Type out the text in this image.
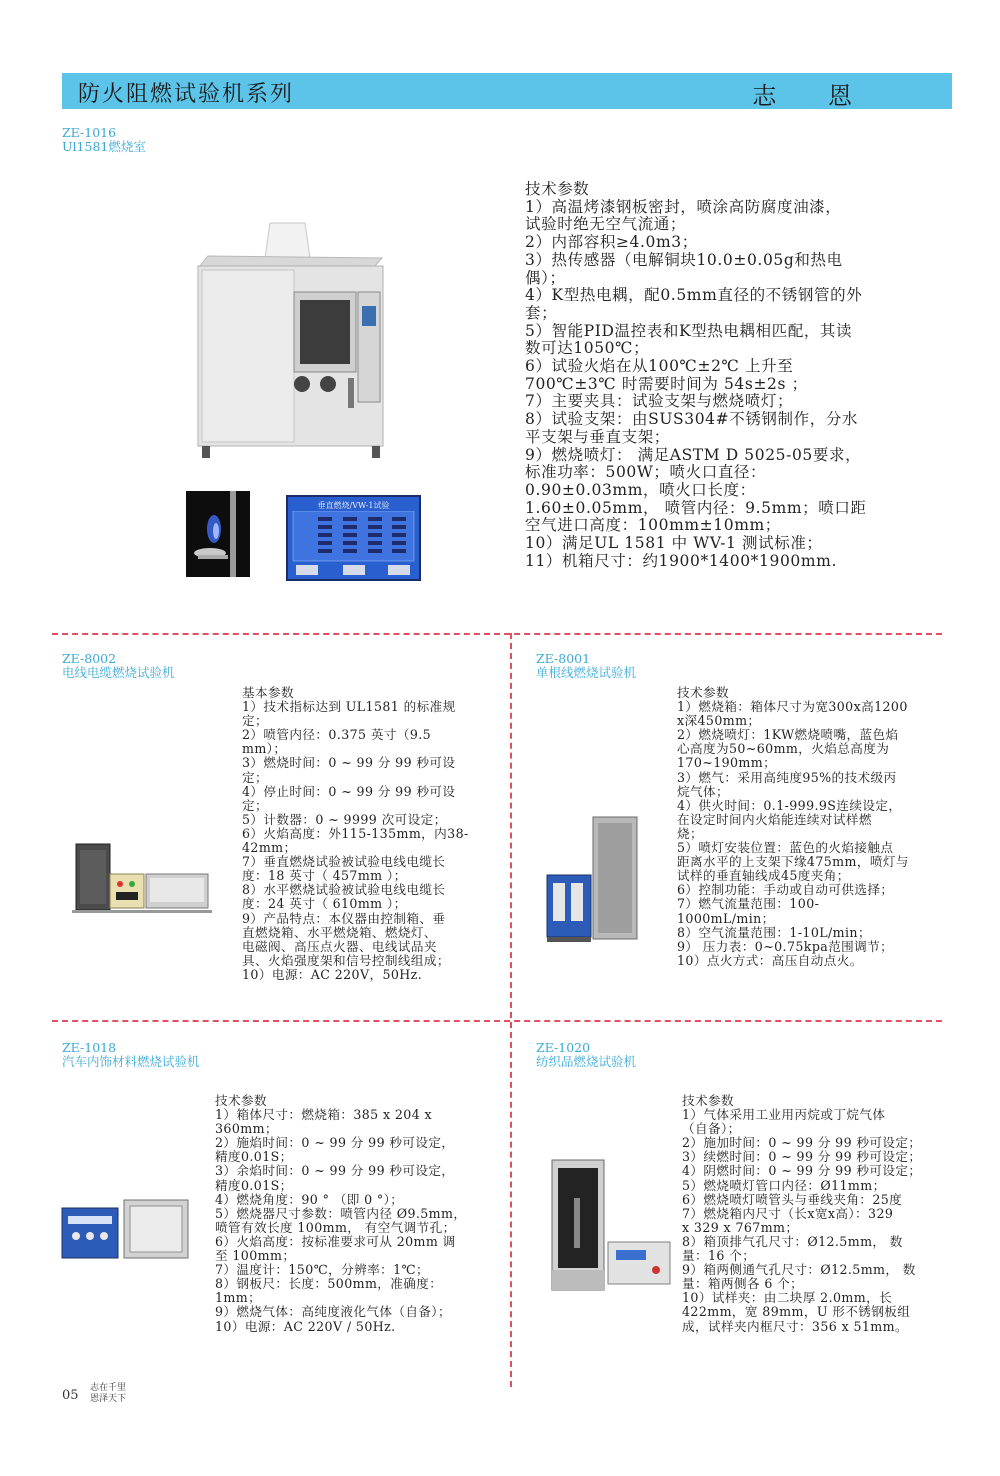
防火阻燃试验机系列	志 恩
ZE-1016
Ul1581燃烧室
垂直燃烧/VW-1试验
技术参数
1）高温烤漆钢板密封，喷涂高防腐度油漆，
试验时绝无空气流通；
2）内部容积≥4.0m3；
3）热传感器（电解铜块10.0±0.05g和热电
偶）；
4）K型热电耦，配0.5mm直径的不锈钢管的外
套；
5）智能PID温控表和K型热电耦相匹配，其读
数可达1050℃；
6）试验火焰在从100℃±2℃ 上升至
700℃±3℃ 时需要时间为 54s±2s ；
7）主要夹具：试验支架与燃烧喷灯；
8）试验支架：由SUS304#不锈钢制作，分水
平支架与垂直支架；
9）燃烧喷灯： 满足ASTM D 5025-05要求，
标准功率：500W；喷火口直径：
0.90±0.03mm，喷火口长度：
1.60±0.05mm， 喷管内径：9.5mm；喷口距
空气进口高度：100mm±10mm；
10）满足UL 1581 中 WV-1 测试标准；
11）机箱尺寸：约1900*1400*1900mm.
ZE-8002
电线电缆燃烧试验机
基本参数
1）技术指标达到 UL1581 的标准规
定；
2）喷管内径：0.375 英寸（9.5
mm）；
3）燃烧时间：0 ~ 99 分 99 秒可设
定；
4）停止时间：0 ~ 99 分 99 秒可设
定；
5）计数器：0 ~ 9999 次可设定；
6）火焰高度：外115-135mm，内38-
42mm；
7）垂直燃烧试验被试验电线电缆长
度：18 英寸（ 457mm ）；
8）水平燃烧试验被试验电线电缆长
度：24 英寸（ 610mm ）；
9）产品特点：本仪器由控制箱、垂
直燃烧箱、水平燃烧箱、燃烧灯、
电磁阀、高压点火器、电线试品夹
具、火焰强度架和信号控制线组成；
10）电源：AC 220V，50Hz.
ZE-8001
单根线燃烧试验机
技术参数
1）燃烧箱：箱体尺寸为宽300x高1200
x深450mm；
2）燃烧喷灯：1KW燃烧喷嘴，蓝色焰
心高度为50~60mm，火焰总高度为
170~190mm；
3）燃气：采用高纯度95%的技术级丙
烷气体；
4）供火时间：0.1-999.9S连续设定，
在设定时间内火焰能连续对试样燃
烧；
5）喷灯安装位置：蓝色的火焰接触点
距离水平的上支架下缘475mm，喷灯与
试样的垂直轴线成45度夹角；
6）控制功能：手动或自动可供选择；
7）燃气流量范围：100-
1000mL/min；
8）空气流量范围：1-10L/min；
9） 压力表：0~0.75kpa范围调节；
10）点火方式：高压自动点火。
ZE-1018
汽车内饰材料燃烧试验机
技术参数
1）箱体尺寸：燃烧箱：385 x 204 x
360mm；
2）施焰时间：0 ~ 99 分 99 秒可设定，
精度0.01S；
3）余焰时间：0 ~ 99 分 99 秒可设定，
精度0.01S；
4）燃烧角度：90 ° （即 0 °）；
5）燃烧器尺寸参数：喷管内径 Ø9.5mm，
喷管有效长度 100mm， 有空气调节孔；
6）火焰高度：按标准要求可从 20mm 调
至 100mm；
7）温度计：150℃，分辨率：1℃；
8）钢板尺：长度：500mm，准确度：
1mm；
9）燃烧气体：高纯度液化气体（自备）；
10）电源：AC 220V / 50Hz.
ZE-1020
纺织品燃烧试验机
技术参数
1）气体采用工业用丙烷或丁烷气体
（自备）；
2）施加时间：0 ~ 99 分 99 秒可设定；
3）续燃时间：0 ~ 99 分 99 秒可设定；
4）阴燃时间：0 ~ 99 分 99 秒可设定；
5）燃烧喷灯管口内径：Ø11mm；
6）燃烧喷灯喷管头与垂线夹角：25度

7）燃烧箱内尺寸（长x宽x高）：329
x 329 x 767mm；
8）箱顶排气孔尺寸：Ø12.5mm， 数
量：16 个；
9）箱两侧通气孔尺寸：Ø12.5mm， 数
量：箱两侧各 6 个；
10）试样夹：由二块厚 2.0mm，长
422mm，宽 89mm，U 形不锈钢板组
成，试样夹内框尺寸：356 x 51mm。
05 志在千里
恩泽天下
